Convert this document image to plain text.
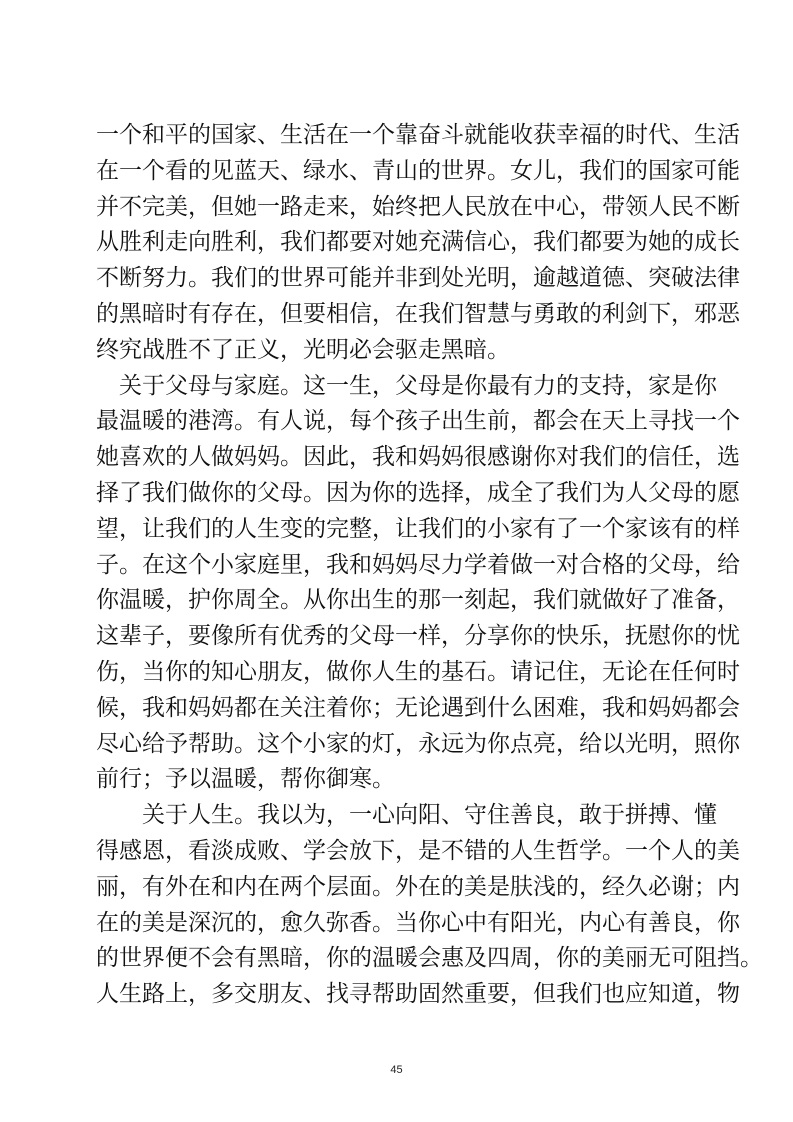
一个和平的国家、生活在一个靠奋斗就能收获幸福的时代、生活
在一个看的见蓝天、绿水、青山的世界。女儿，我们的国家可能
并不完美，但她一路走来，始终把人民放在中心，带领人民不断
从胜利走向胜利，我们都要对她充满信心，我们都要为她的成长
不断努力。我们的世界可能并非到处光明，逾越道德、突破法律
的黑暗时有存在，但要相信，在我们智慧与勇敢的利剑下，邪恶
终究战胜不了正义，光明必会驱走黑暗。
　关于父母与家庭。这一生，父母是你最有力的支持，家是你
最温暖的港湾。有人说，每个孩子出生前，都会在天上寻找一个
她喜欢的人做妈妈。因此，我和妈妈很感谢你对我们的信任，选
择了我们做你的父母。因为你的选择，成全了我们为人父母的愿
望，让我们的人生变的完整，让我们的小家有了一个家该有的样
子。在这个小家庭里，我和妈妈尽力学着做一对合格的父母，给
你温暖，护你周全。从你出生的那一刻起，我们就做好了准备，
这辈子，要像所有优秀的父母一样，分享你的快乐，抚慰你的忧
伤，当你的知心朋友，做你人生的基石。请记住，无论在任何时
候，我和妈妈都在关注着你；无论遇到什么困难，我和妈妈都会
尽心给予帮助。这个小家的灯，永远为你点亮，给以光明，照你
前行；予以温暖，帮你御寒。
　　关于人生。我以为，一心向阳、守住善良，敢于拼搏、懂
得感恩，看淡成败、学会放下，是不错的人生哲学。一个人的美
丽，有外在和内在两个层面。外在的美是肤浅的，经久必谢；内
在的美是深沉的，愈久弥香。当你心中有阳光，内心有善良，你
的世界便不会有黑暗，你的温暖会惠及四周，你的美丽无可阻挡。
人生路上，多交朋友、找寻帮助固然重要，但我们也应知道，物
45
